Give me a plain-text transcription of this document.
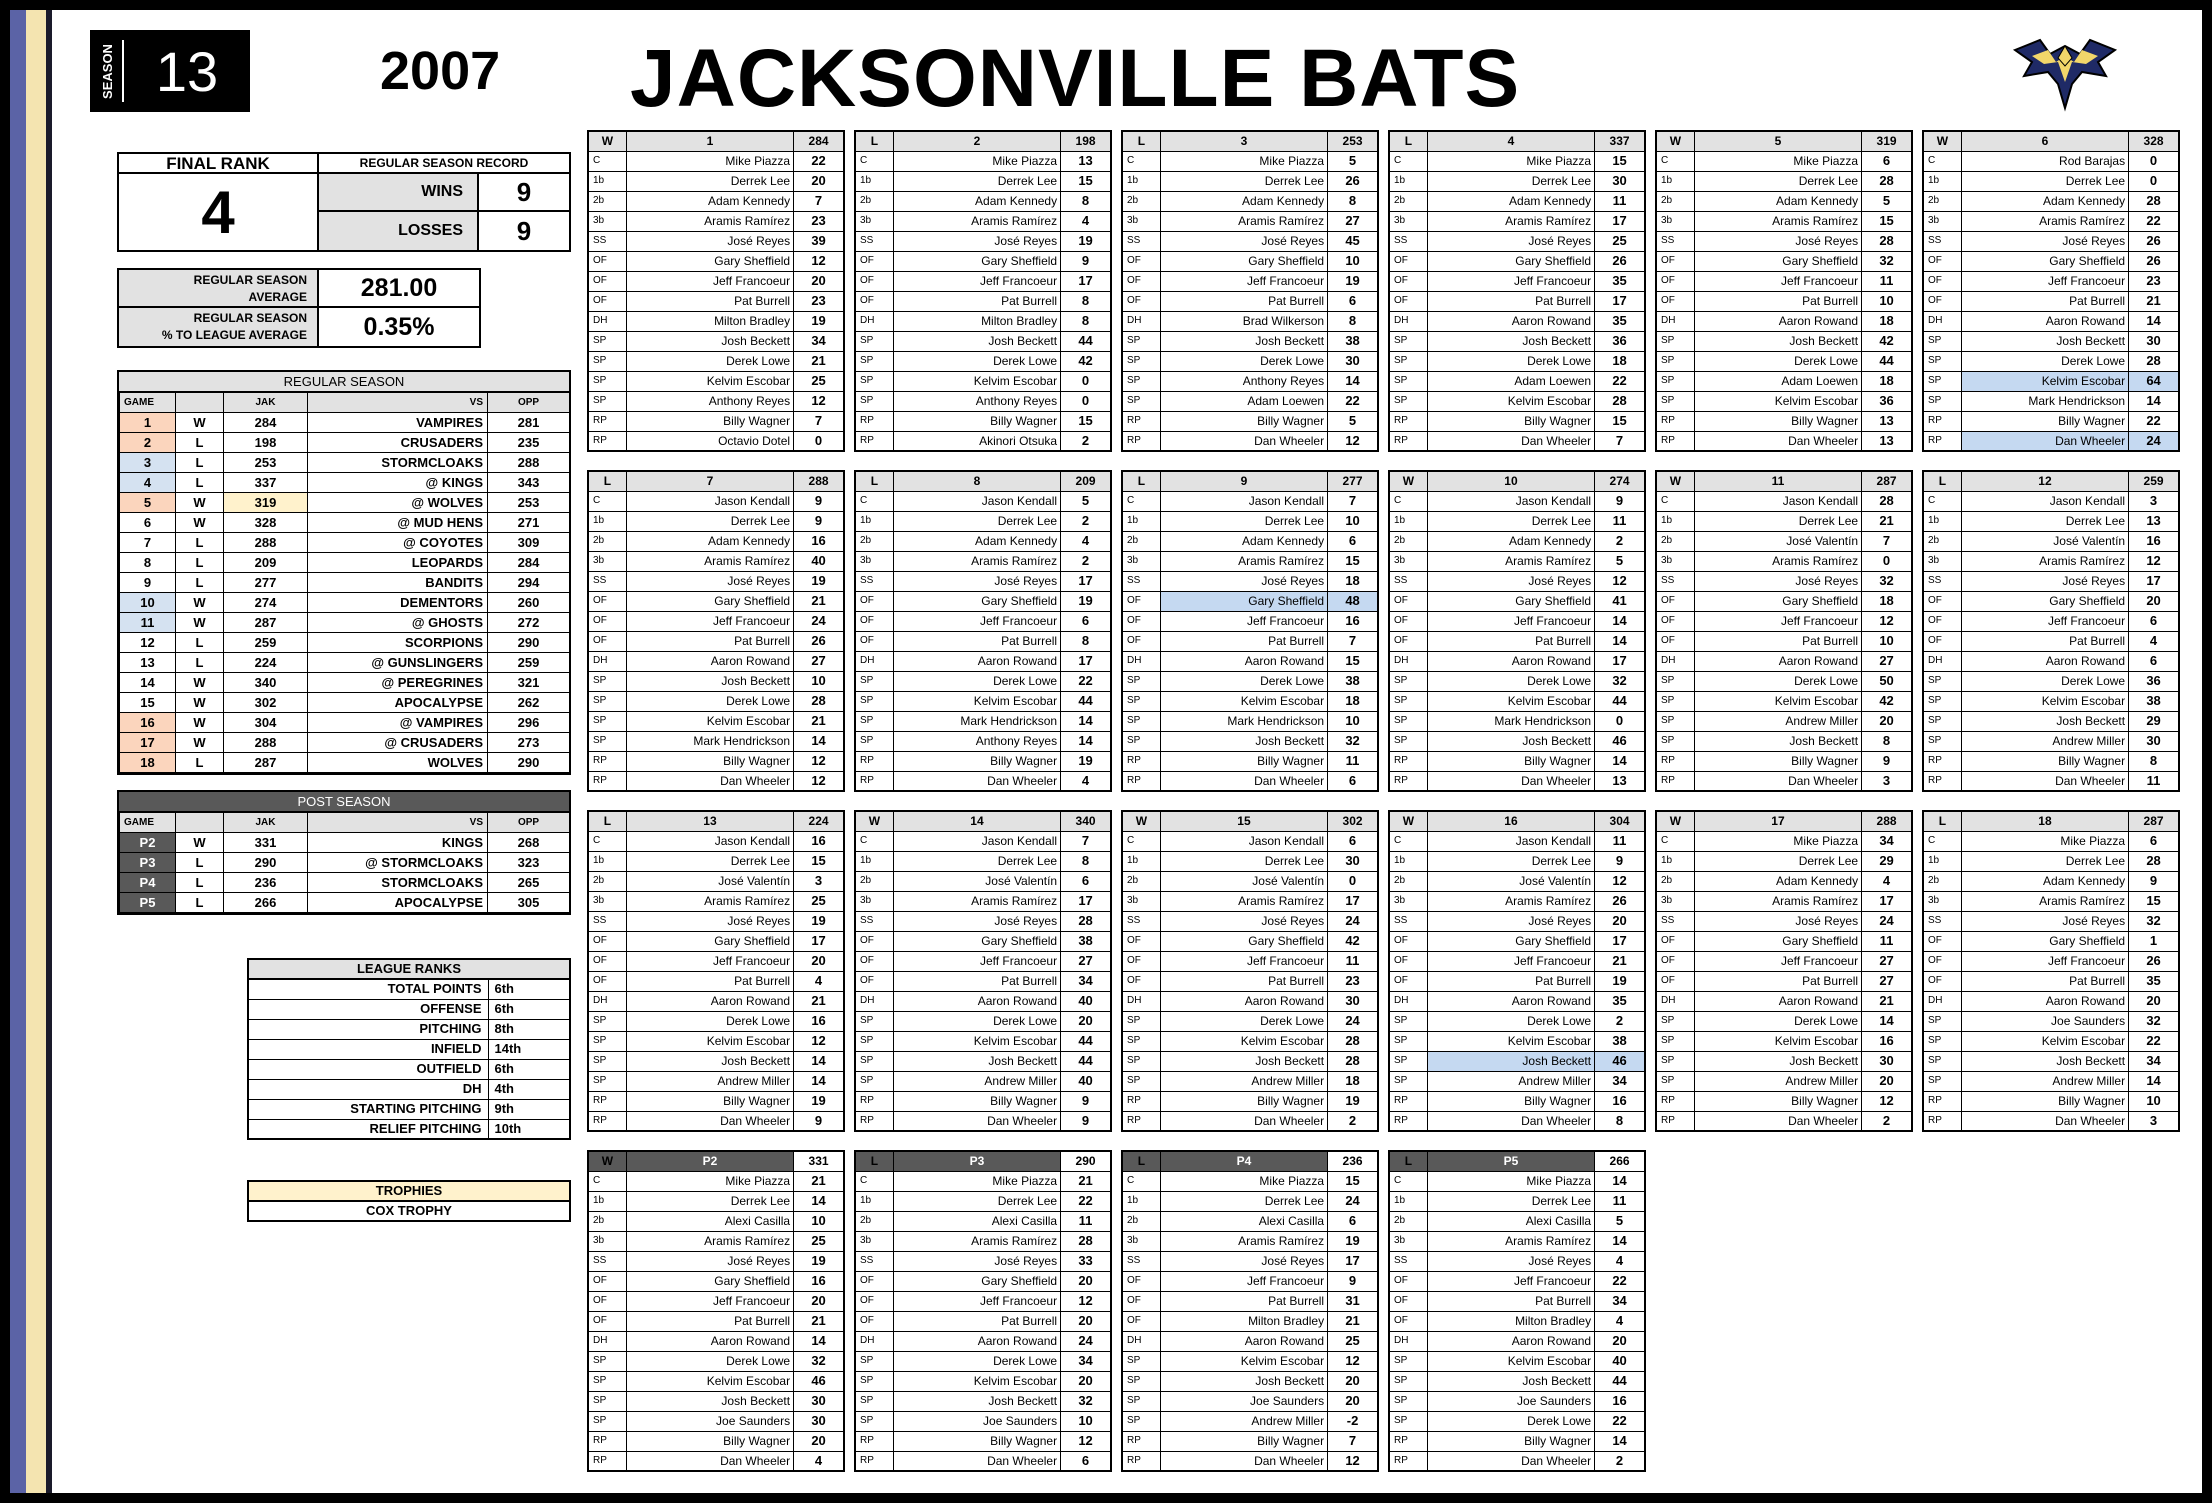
SEASON 13	2007 JACKSONVILLE BATS
FINAL RANK
4
REGULAR SEASON RECORD
WINS	9
LOSSES	9
REGULAR SEASON
AVERAGE	281.00
REGULAR SEASON
% TO LEAGUE AVERAGE	0.35%
REGULAR SEASON
GAME		JAK	VS	OPP
1	W	284	VAMPIRES	281
2	L	198	CRUSADERS	235
3	L	253	STORMCLOAKS	288
4	L	337	@ KINGS	343
5	W	319	@ WOLVES	253
6	W	328	@ MUD HENS	271
7	L	288	@ COYOTES	309
8	L	209	LEOPARDS	284
9	L	277	BANDITS	294
10	W	274	DEMENTORS	260
11	W	287	@ GHOSTS	272
12	L	259	SCORPIONS	290
13	L	224	@ GUNSLINGERS	259
14	W	340	@ PEREGRINES	321
15	W	302	APOCALYPSE	262
16	W	304	@ VAMPIRES	296
17	W	288	@ CRUSADERS	273
18	L	287	WOLVES	290
POST SEASON
GAME		JAK	VS	OPP
P2	W	331	KINGS	268
P3	L	290	@ STORMCLOAKS	323
P4	L	236	STORMCLOAKS	265
P5	L	266	APOCALYPSE	305
LEAGUE RANKS	
TOTAL POINTS	6th
OFFENSE	6th
PITCHING	8th
INFIELD	14th
OUTFIELD	6th
DH	4th
STARTING PITCHING	9th
RELIEF PITCHING	10th
TROPHIES
COX TROPHY
W	1	284
C	Mike Piazza	22
1b	Derrek Lee	20
2b	Adam Kennedy	7
3b	Aramis Ramírez	23
SS	José Reyes	39
OF	Gary Sheffield	12
OF	Jeff Francoeur	20
OF	Pat Burrell	23
DH	Milton Bradley	19
SP	Josh Beckett	34
SP	Derek Lowe	21
SP	Kelvim Escobar	25
SP	Anthony Reyes	12
RP	Billy Wagner	7
RP	Octavio Dotel	0
L	2	198
C	Mike Piazza	13
1b	Derrek Lee	15
2b	Adam Kennedy	8
3b	Aramis Ramírez	4
SS	José Reyes	19
OF	Gary Sheffield	9
OF	Jeff Francoeur	17
OF	Pat Burrell	8
DH	Milton Bradley	8
SP	Josh Beckett	44
SP	Derek Lowe	42
SP	Kelvim Escobar	0
SP	Anthony Reyes	0
RP	Billy Wagner	15
RP	Akinori Otsuka	2
L	3	253
C	Mike Piazza	5
1b	Derrek Lee	26
2b	Adam Kennedy	8
3b	Aramis Ramírez	27
SS	José Reyes	45
OF	Gary Sheffield	10
OF	Jeff Francoeur	19
OF	Pat Burrell	6
DH	Brad Wilkerson	8
SP	Josh Beckett	38
SP	Derek Lowe	30
SP	Anthony Reyes	14
SP	Adam Loewen	22
RP	Billy Wagner	5
RP	Dan Wheeler	12
L	4	337
C	Mike Piazza	15
1b	Derrek Lee	30
2b	Adam Kennedy	11
3b	Aramis Ramírez	17
SS	José Reyes	25
OF	Gary Sheffield	26
OF	Jeff Francoeur	35
OF	Pat Burrell	17
DH	Aaron Rowand	35
SP	Josh Beckett	36
SP	Derek Lowe	18
SP	Adam Loewen	22
SP	Kelvim Escobar	28
RP	Billy Wagner	15
RP	Dan Wheeler	7
W	5	319
C	Mike Piazza	6
1b	Derrek Lee	28
2b	Adam Kennedy	5
3b	Aramis Ramírez	15
SS	José Reyes	28
OF	Gary Sheffield	32
OF	Jeff Francoeur	11
OF	Pat Burrell	10
DH	Aaron Rowand	18
SP	Josh Beckett	42
SP	Derek Lowe	44
SP	Adam Loewen	18
SP	Kelvim Escobar	36
RP	Billy Wagner	13
RP	Dan Wheeler	13
W	6	328
C	Rod Barajas	0
1b	Derrek Lee	0
2b	Adam Kennedy	28
3b	Aramis Ramírez	22
SS	José Reyes	26
OF	Gary Sheffield	26
OF	Jeff Francoeur	23
OF	Pat Burrell	21
DH	Aaron Rowand	14
SP	Josh Beckett	30
SP	Derek Lowe	28
SP	Kelvim Escobar	64
SP	Mark Hendrickson	14
RP	Billy Wagner	22
RP	Dan Wheeler	24
L	7	288
C	Jason Kendall	9
1b	Derrek Lee	9
2b	Adam Kennedy	16
3b	Aramis Ramírez	40
SS	José Reyes	19
OF	Gary Sheffield	21
OF	Jeff Francoeur	24
OF	Pat Burrell	26
DH	Aaron Rowand	27
SP	Josh Beckett	10
SP	Derek Lowe	28
SP	Kelvim Escobar	21
SP	Mark Hendrickson	14
RP	Billy Wagner	12
RP	Dan Wheeler	12
L	8	209
C	Jason Kendall	5
1b	Derrek Lee	2
2b	Adam Kennedy	4
3b	Aramis Ramírez	2
SS	José Reyes	17
OF	Gary Sheffield	19
OF	Jeff Francoeur	6
OF	Pat Burrell	8
DH	Aaron Rowand	17
SP	Derek Lowe	22
SP	Kelvim Escobar	44
SP	Mark Hendrickson	14
SP	Anthony Reyes	14
RP	Billy Wagner	19
RP	Dan Wheeler	4
L	9	277
C	Jason Kendall	7
1b	Derrek Lee	10
2b	Adam Kennedy	6
3b	Aramis Ramírez	15
SS	José Reyes	18
OF	Gary Sheffield	48
OF	Jeff Francoeur	16
OF	Pat Burrell	7
DH	Aaron Rowand	15
SP	Derek Lowe	38
SP	Kelvim Escobar	18
SP	Mark Hendrickson	10
SP	Josh Beckett	32
RP	Billy Wagner	11
RP	Dan Wheeler	6
W	10	274
C	Jason Kendall	9
1b	Derrek Lee	11
2b	Adam Kennedy	2
3b	Aramis Ramírez	5
SS	José Reyes	12
OF	Gary Sheffield	41
OF	Jeff Francoeur	14
OF	Pat Burrell	14
DH	Aaron Rowand	17
SP	Derek Lowe	32
SP	Kelvim Escobar	44
SP	Mark Hendrickson	0
SP	Josh Beckett	46
RP	Billy Wagner	14
RP	Dan Wheeler	13
W	11	287
C	Jason Kendall	28
1b	Derrek Lee	21
2b	José Valentín	7
3b	Aramis Ramírez	0
SS	José Reyes	32
OF	Gary Sheffield	18
OF	Jeff Francoeur	12
OF	Pat Burrell	10
DH	Aaron Rowand	27
SP	Derek Lowe	50
SP	Kelvim Escobar	42
SP	Andrew Miller	20
SP	Josh Beckett	8
RP	Billy Wagner	9
RP	Dan Wheeler	3
L	12	259
C	Jason Kendall	3
1b	Derrek Lee	13
2b	José Valentín	16
3b	Aramis Ramírez	12
SS	José Reyes	17
OF	Gary Sheffield	20
OF	Jeff Francoeur	6
OF	Pat Burrell	4
DH	Aaron Rowand	6
SP	Derek Lowe	36
SP	Kelvim Escobar	38
SP	Josh Beckett	29
SP	Andrew Miller	30
RP	Billy Wagner	8
RP	Dan Wheeler	11
L	13	224
C	Jason Kendall	16
1b	Derrek Lee	15
2b	José Valentín	3
3b	Aramis Ramírez	25
SS	José Reyes	19
OF	Gary Sheffield	17
OF	Jeff Francoeur	20
OF	Pat Burrell	4
DH	Aaron Rowand	21
SP	Derek Lowe	16
SP	Kelvim Escobar	12
SP	Josh Beckett	14
SP	Andrew Miller	14
RP	Billy Wagner	19
RP	Dan Wheeler	9
W	14	340
C	Jason Kendall	7
1b	Derrek Lee	8
2b	José Valentín	6
3b	Aramis Ramírez	17
SS	José Reyes	28
OF	Gary Sheffield	38
OF	Jeff Francoeur	27
OF	Pat Burrell	34
DH	Aaron Rowand	40
SP	Derek Lowe	20
SP	Kelvim Escobar	44
SP	Josh Beckett	44
SP	Andrew Miller	40
RP	Billy Wagner	9
RP	Dan Wheeler	9
W	15	302
C	Jason Kendall	6
1b	Derrek Lee	30
2b	José Valentín	0
3b	Aramis Ramírez	17
SS	José Reyes	24
OF	Gary Sheffield	42
OF	Jeff Francoeur	11
OF	Pat Burrell	23
DH	Aaron Rowand	30
SP	Derek Lowe	24
SP	Kelvim Escobar	28
SP	Josh Beckett	28
SP	Andrew Miller	18
RP	Billy Wagner	19
RP	Dan Wheeler	2
W	16	304
C	Jason Kendall	11
1b	Derrek Lee	9
2b	José Valentín	12
3b	Aramis Ramírez	26
SS	José Reyes	20
OF	Gary Sheffield	17
OF	Jeff Francoeur	21
OF	Pat Burrell	19
DH	Aaron Rowand	35
SP	Derek Lowe	2
SP	Kelvim Escobar	38
SP	Josh Beckett	46
SP	Andrew Miller	34
RP	Billy Wagner	16
RP	Dan Wheeler	8
W	17	288
C	Mike Piazza	34
1b	Derrek Lee	29
2b	Adam Kennedy	4
3b	Aramis Ramírez	17
SS	José Reyes	24
OF	Gary Sheffield	11
OF	Jeff Francoeur	27
OF	Pat Burrell	27
DH	Aaron Rowand	21
SP	Derek Lowe	14
SP	Kelvim Escobar	16
SP	Josh Beckett	30
SP	Andrew Miller	20
RP	Billy Wagner	12
RP	Dan Wheeler	2
L	18	287
C	Mike Piazza	6
1b	Derrek Lee	28
2b	Adam Kennedy	9
3b	Aramis Ramírez	15
SS	José Reyes	32
OF	Gary Sheffield	1
OF	Jeff Francoeur	26
OF	Pat Burrell	35
DH	Aaron Rowand	20
SP	Joe Saunders	32
SP	Kelvim Escobar	22
SP	Josh Beckett	34
SP	Andrew Miller	14
RP	Billy Wagner	10
RP	Dan Wheeler	3
W	P2	331
C	Mike Piazza	21
1b	Derrek Lee	14
2b	Alexi Casilla	10
3b	Aramis Ramírez	25
SS	José Reyes	19
OF	Gary Sheffield	16
OF	Jeff Francoeur	20
OF	Pat Burrell	21
DH	Aaron Rowand	14
SP	Derek Lowe	32
SP	Kelvim Escobar	46
SP	Josh Beckett	30
SP	Joe Saunders	30
RP	Billy Wagner	20
RP	Dan Wheeler	4
L	P3	290
C	Mike Piazza	21
1b	Derrek Lee	22
2b	Alexi Casilla	11
3b	Aramis Ramírez	28
SS	José Reyes	33
OF	Gary Sheffield	20
OF	Jeff Francoeur	12
OF	Pat Burrell	20
DH	Aaron Rowand	24
SP	Derek Lowe	34
SP	Kelvim Escobar	20
SP	Josh Beckett	32
SP	Joe Saunders	10
RP	Billy Wagner	12
RP	Dan Wheeler	6
L	P4	236
C	Mike Piazza	15
1b	Derrek Lee	24
2b	Alexi Casilla	6
3b	Aramis Ramírez	19
SS	José Reyes	17
OF	Jeff Francoeur	9
OF	Pat Burrell	31
OF	Milton Bradley	21
DH	Aaron Rowand	25
SP	Kelvim Escobar	12
SP	Josh Beckett	20
SP	Joe Saunders	20
SP	Andrew Miller	-2
RP	Billy Wagner	7
RP	Dan Wheeler	12
L	P5	266
C	Mike Piazza	14
1b	Derrek Lee	11
2b	Alexi Casilla	5
3b	Aramis Ramírez	14
SS	José Reyes	4
OF	Jeff Francoeur	22
OF	Pat Burrell	34
OF	Milton Bradley	4
DH	Aaron Rowand	20
SP	Kelvim Escobar	40
SP	Josh Beckett	44
SP	Joe Saunders	16
SP	Derek Lowe	22
RP	Billy Wagner	14
RP	Dan Wheeler	2
